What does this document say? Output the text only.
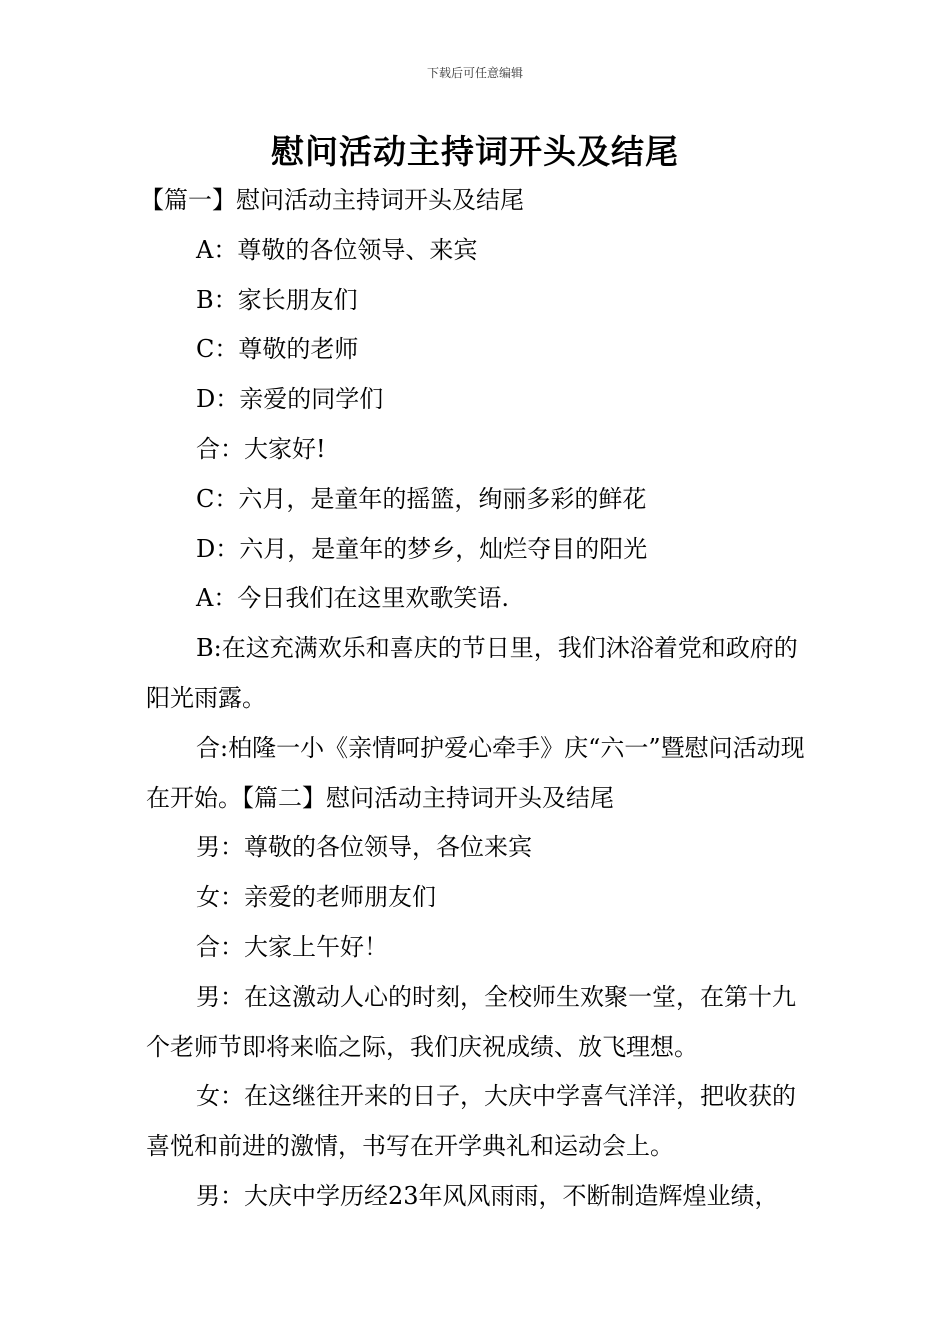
下载后可任意编辑
慰问活动主持词开头及结尾

【篇一】慰问活动主持词开头及结尾

A：尊敬的各位领导、来宾

B：家长朋友们

C：尊敬的老师

D：亲爱的同学们

合：大家好!

C：六月，是童年的摇篮，绚丽多彩的鲜花

D：六月，是童年的梦乡，灿烂夺目的阳光

A：今日我们在这里欢歌笑语.

B:在这充满欢乐和喜庆的节日里，我们沐浴着党和政府的阳光雨露。

合:柏隆一小《亲情呵护爱心牵手》庆“六一”暨慰问活动现在开始。【篇二】慰问活动主持词开头及结尾

男：尊敬的各位领导，各位来宾

女：亲爱的老师朋友们

合：大家上午好！

男：在这激动人心的时刻，全校师生欢聚一堂，在第十九个老师节即将来临之际，我们庆祝成绩、放飞理想。

女：在这继往开来的日子，大庆中学喜气洋洋，把收获的喜悦和前进的激情，书写在开学典礼和运动会上。

男：大庆中学历经23年风风雨雨，不断制造辉煌业绩，
